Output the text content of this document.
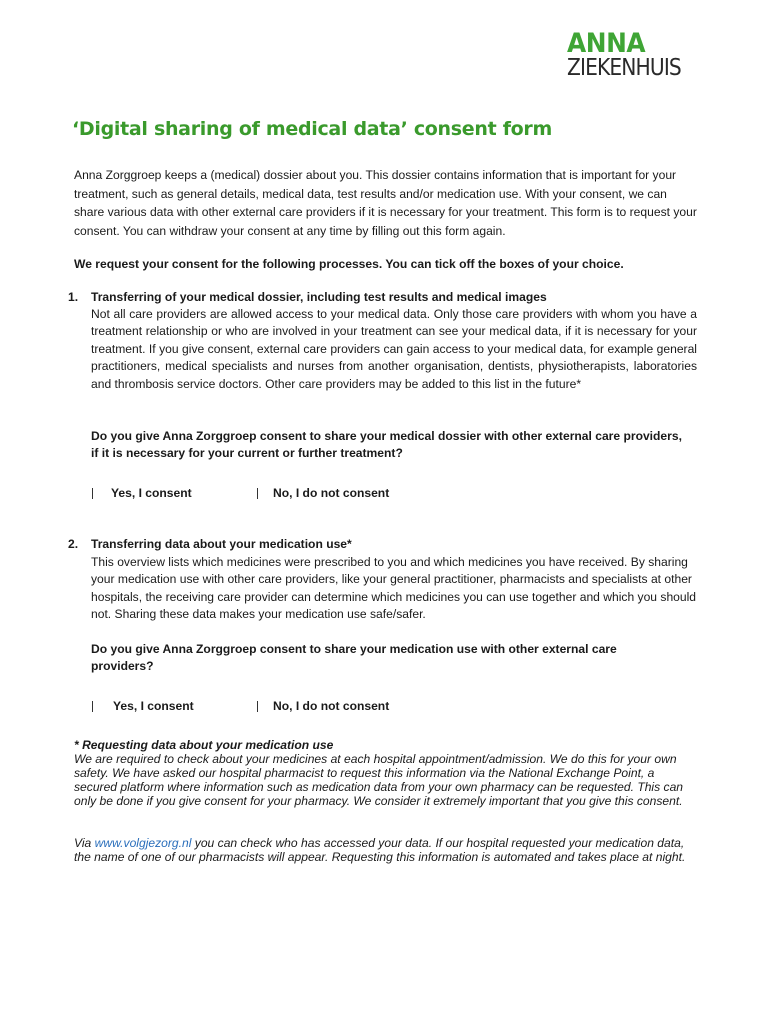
ANNA
ZIEKENHUIS
‘Digital sharing of medical data’ consent form
Anna Zorggroep keeps a (medical) dossier about you. This dossier contains information that is important for your treatment, such as general details, medical data, test results and/or medication use. With your consent, we can share various data with other external care providers if it is necessary for your treatment. This form is to request your consent. You can withdraw your consent at any time by filling out this form again.
We request your consent for the following processes. You can tick off the boxes of your choice.
1. Transferring of your medical dossier, including test results and medical images
Not all care providers are allowed access to your medical data. Only those care providers with whom you have a treatment relationship or who are involved in your treatment can see your medical data, if it is necessary for your treatment. If you give consent, external care providers can gain access to your medical data, for example general practitioners, medical specialists and nurses from another organisation, dentists, physiotherapists, laboratories and thrombosis service doctors. Other care providers may be added to this list in the future*
Do you give Anna Zorggroep consent to share your medical dossier with other external care providers, if it is necessary for your current or further treatment?
Yes, I consent	No, I do not consent
2. Transferring data about your medication use*
This overview lists which medicines were prescribed to you and which medicines you have received. By sharing your medication use with other care providers, like your general practitioner, pharmacists and specialists at other hospitals, the receiving care provider can determine which medicines you can use together and which you should not. Sharing these data makes your medication use safe/safer.
Do you give Anna Zorggroep consent to share your medication use with other external care providers?
Yes, I consent	No, I do not consent
* Requesting data about your medication use
We are required to check about your medicines at each hospital appointment/admission. We do this for your own safety. We have asked our hospital pharmacist to request this information via the National Exchange Point, a secured platform where information such as medication data from your own pharmacy can be requested. This can only be done if you give consent for your pharmacy. We consider it extremely important that you give this consent.
Via www.volgjezorg.nl you can check who has accessed your data. If our hospital requested your medication data, the name of one of our pharmacists will appear. Requesting this information is automated and takes place at night.
